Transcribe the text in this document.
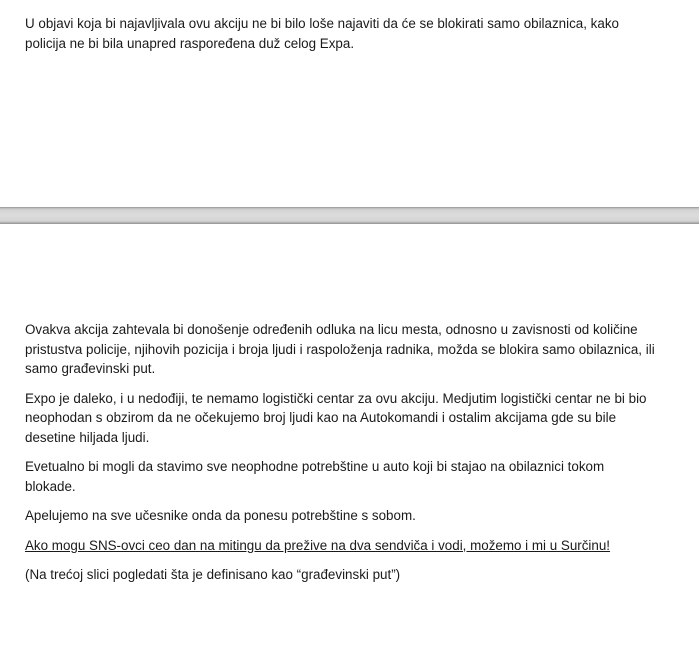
U objavi koja bi najavljivala ovu akciju ne bi bilo loše najaviti da će se blokirati samo obilaznica, kako policija ne bi bila unapred raspoređena duž celog Expa.

Ovakva akcija zahtevala bi donošenje određenih odluka na licu mesta, odnosno u zavisnosti od količine pristustva policije, njihovih pozicija i broja ljudi i raspoloženja radnika, možda se blokira samo obilaznica, ili samo građevinski put.

Expo je daleko, i u nedođiji, te nemamo logistički centar za ovu akciju. Medjutim logistički centar ne bi bio neophodan s obzirom da ne očekujemo broj ljudi kao na Autokomandi i ostalim akcijama gde su bile desetine hiljada ljudi.

Evetualno bi mogli da stavimo sve neophodne potrebštine u auto koji bi stajao na obilaznici tokom blokade.

Apelujemo na sve učesnike onda da ponesu potrebštine s sobom.

Ako mogu SNS-ovci ceo dan na mitingu da prežive na dva sendviča i vodi, možemo i mi u Surčinu!

(Na trećoj slici pogledati šta je definisano kao “građevinski put”)
